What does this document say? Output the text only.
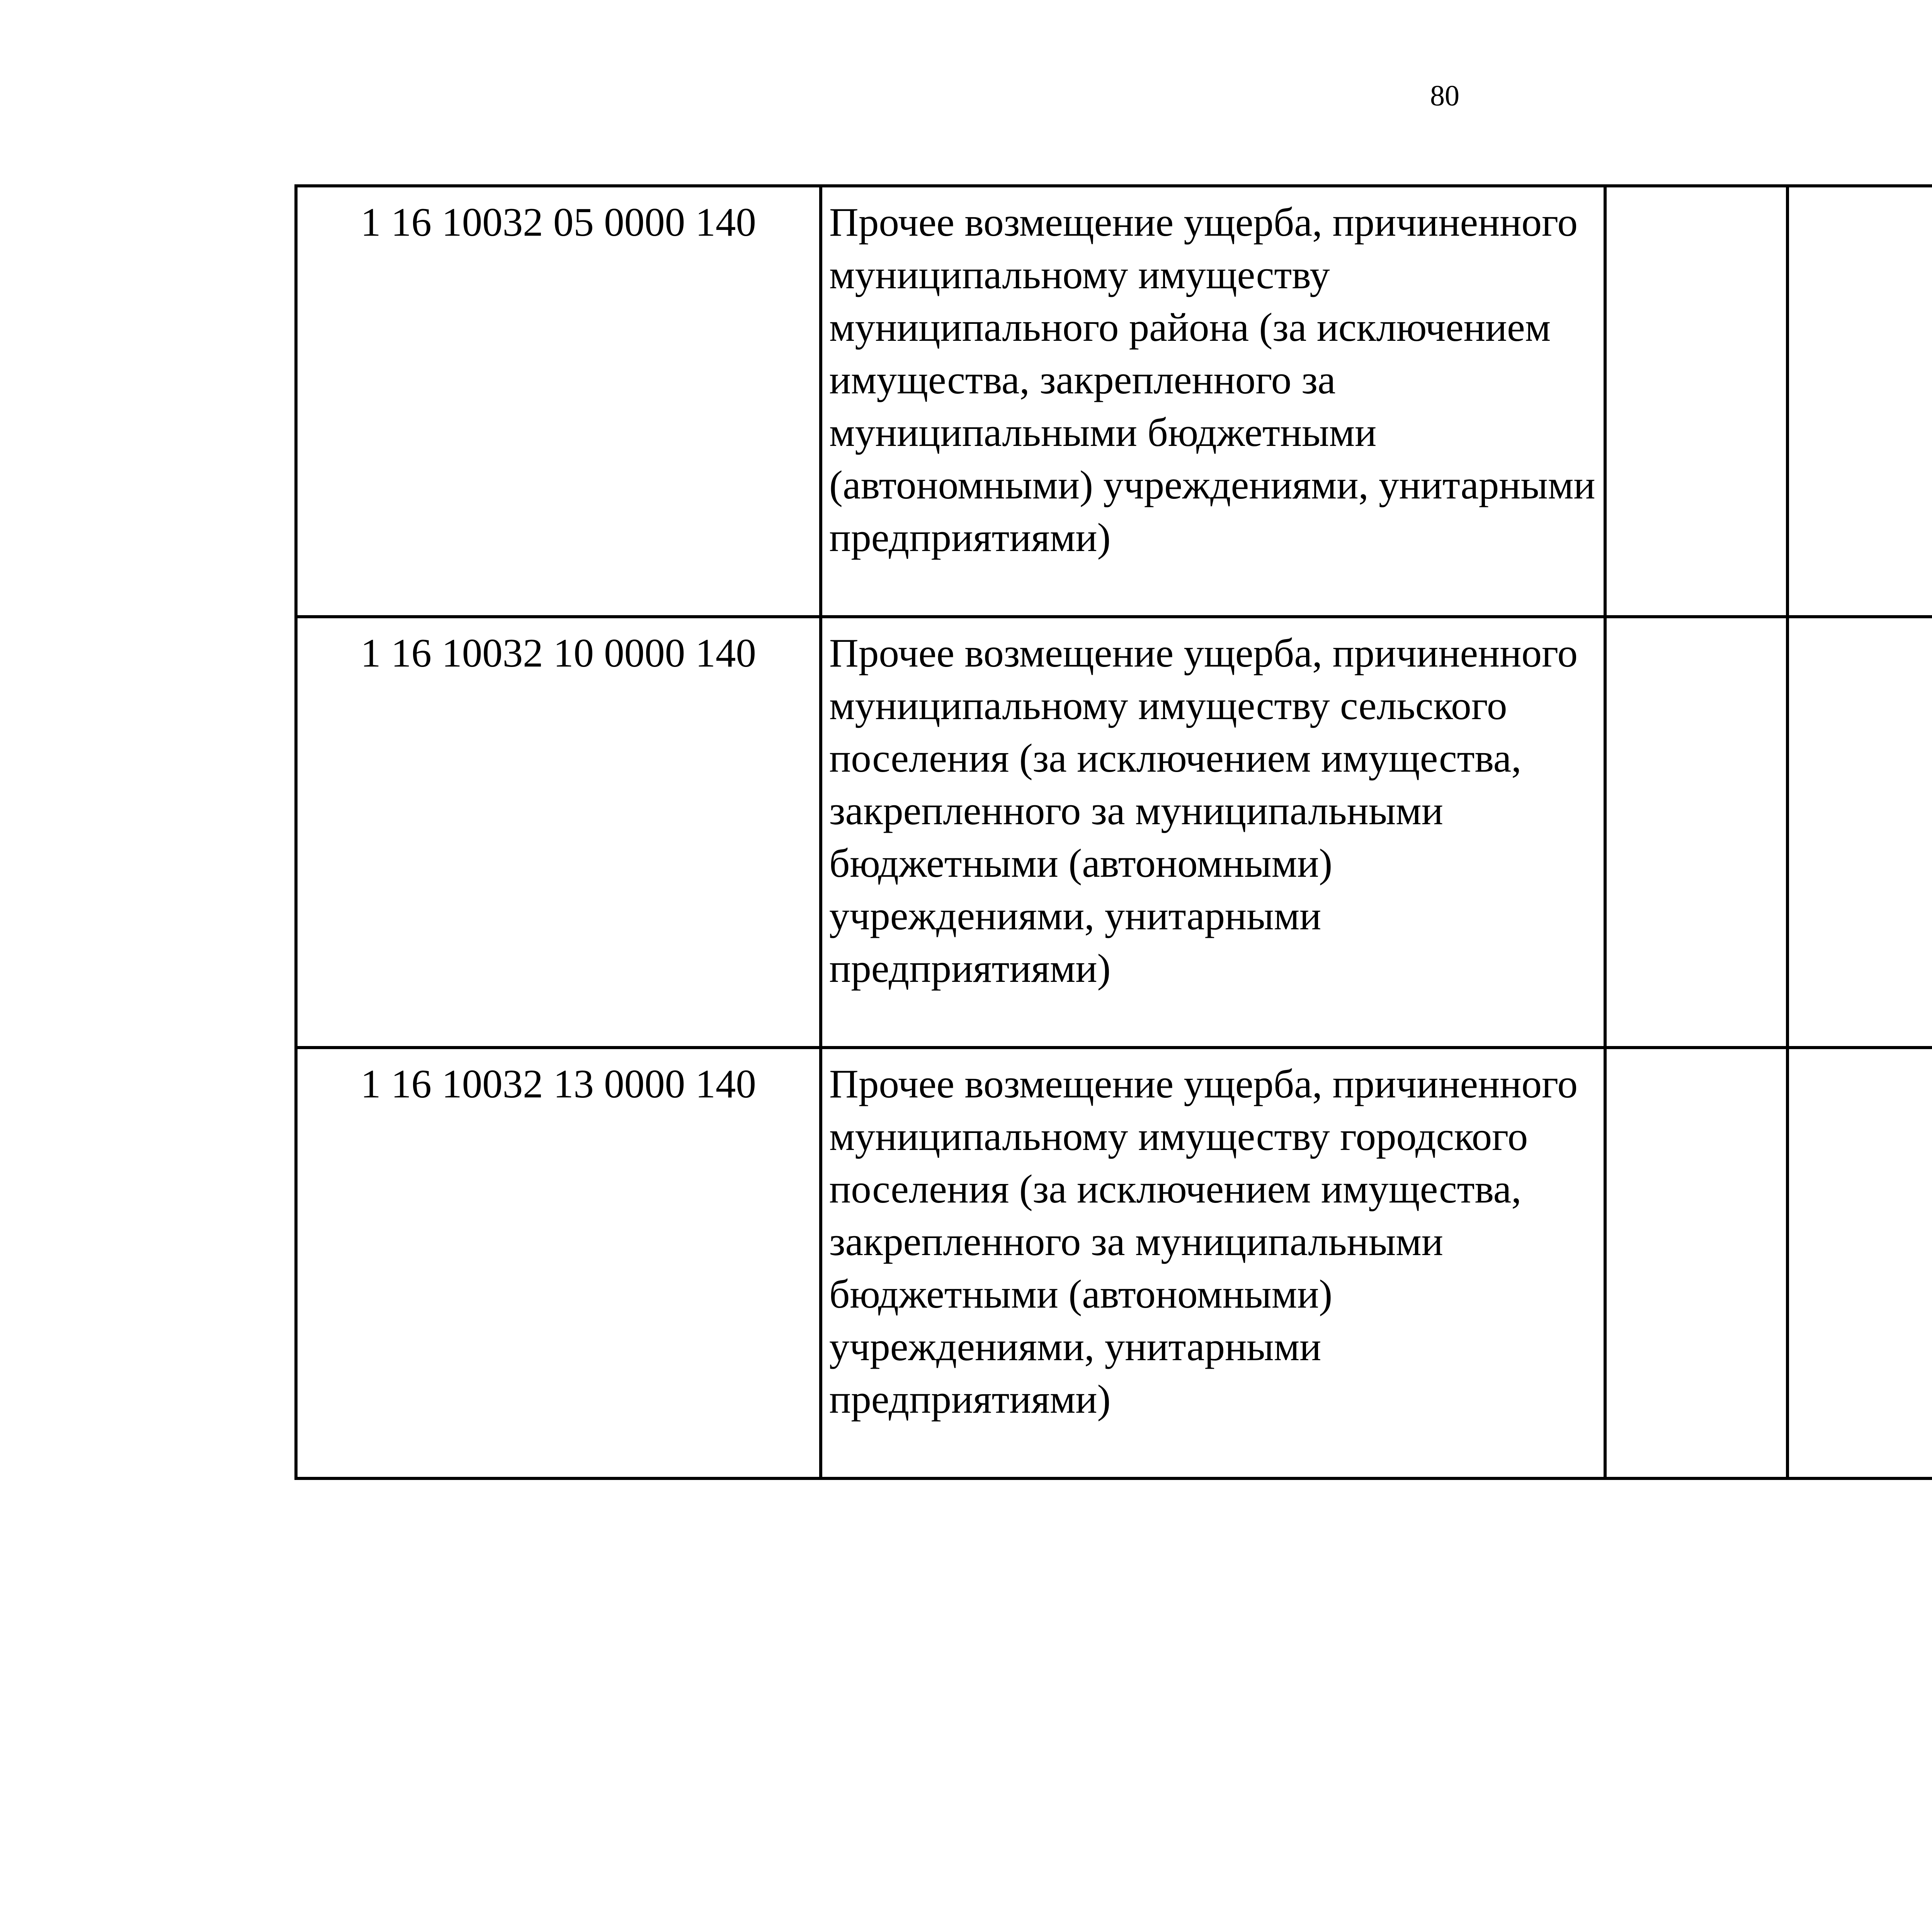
80
1 16 10032 05 0000 140	Прочее возмещение ущерба, причиненного муниципальному имуществу муниципального района (за исключением имущества, закрепленного за муниципальными бюджетными (автономными) учреждениями, унитарными предприятиями)					
1 16 10032 10 0000 140	Прочее возмещение ущерба, причиненного муниципальному имуществу сельского поселения (за исключением имущества, закрепленного за муниципальными бюджетными (автономными) учреждениями, унитарными предприятиями)					
1 16 10032 13 0000 140	Прочее возмещение ущерба, причиненного муниципальному имуществу городского поселения (за исключением имущества, закрепленного за муниципальными бюджетными (автономными) учреждениями, унитарными предприятиями)					
